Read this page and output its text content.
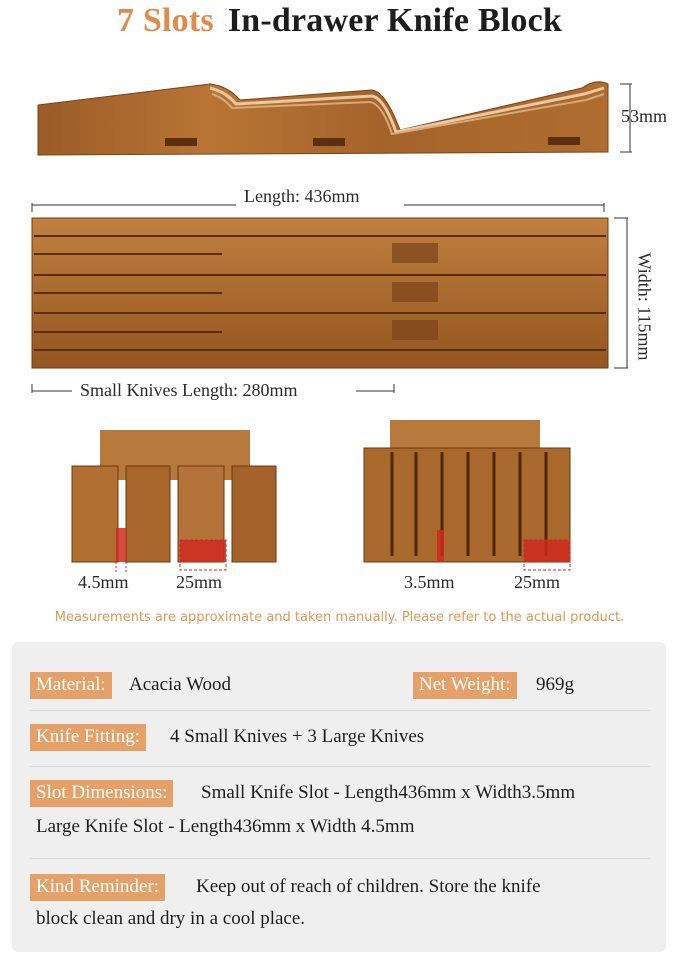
7 Slots In-drawer Knife Block
53mm
Length: 436mm
Width: 115mm
Small Knives Length: 280mm
4.5mm	25mm	3.5mm	25mm
Measurements are approximate and taken manually. Please refer to the actual product.
Material:	Acacia Wood	Net Weight:	969g
Knife Fitting:	4 Small Knives + 3 Large Knives
Slot Dimensions:	Small Knife Slot - Length436mm x Width3.5mm
Large Knife Slot - Length436mm x Width 4.5mm
Kind Reminder:	Keep out of reach of children. Store the knife
block clean and dry in a cool place.
